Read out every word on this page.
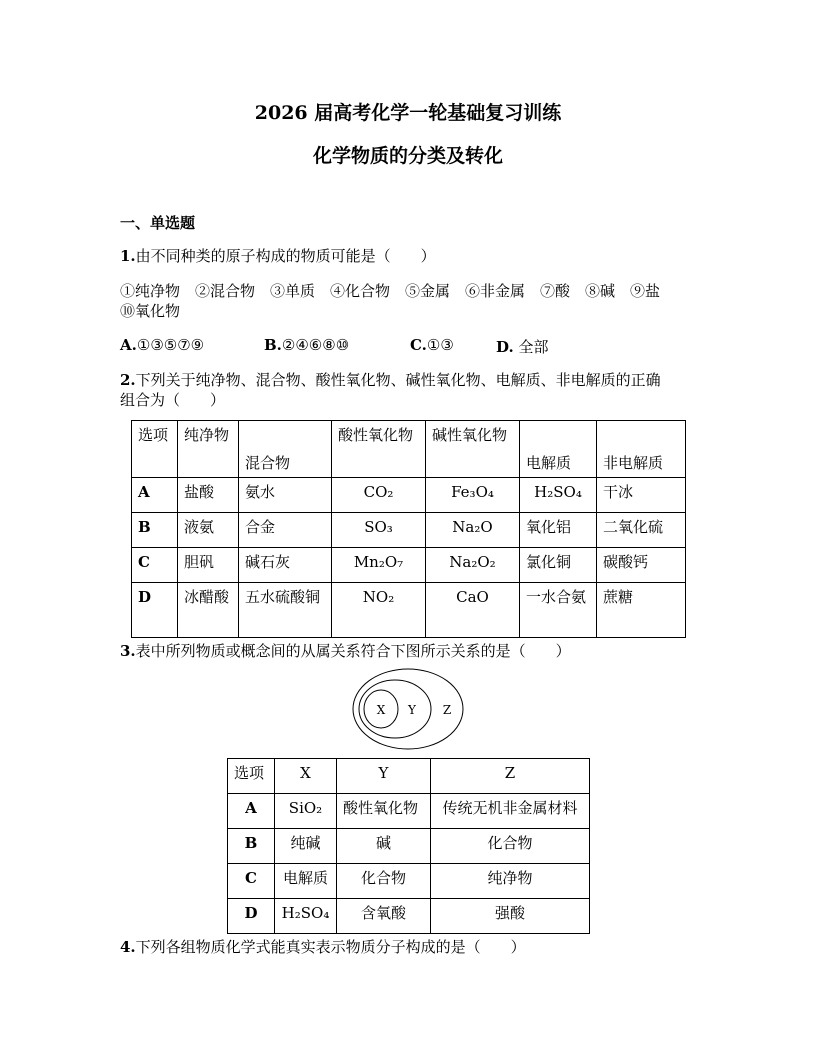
2026 届高考化学一轮基础复习训练
化学物质的分类及转化
一、单选题
1.由不同种类的原子构成的物质可能是（　　）
①纯净物　②混合物　③单质　④化合物　⑤金属　⑥非金属　⑦酸　⑧碱　⑨盐
⑩氧化物
A.①③⑤⑦⑨	B.②④⑥⑧⑩	C.①③	D. 全部
2.下列关于纯净物、混合物、酸性氧化物、碱性氧化物、电解质、非电解质的正确
组合为（　　）
选项	纯净物	混合物	酸性氧化物	碱性氧化物	电解质	非电解质
A	盐酸	氨水	CO₂	Fe₃O₄	H₂SO₄	干冰
B	液氨	合金	SO₃	Na₂O	氧化铝	二氧化硫
C	胆矾	碱石灰	Mn₂O₇	Na₂O₂	氯化铜	碳酸钙
D	冰醋酸	五水硫酸铜	NO₂	CaO	一水合氨	蔗糖
3.表中所列物质或概念间的从属关系符合下图所示关系的是（　　）
X Y Z
选项	X	Y	Z
A	SiO₂	酸性氧化物	传统无机非金属材料
B	纯碱	碱	化合物
C	电解质	化合物	纯净物
D	H₂SO₄	含氧酸	强酸
4.下列各组物质化学式能真实表示物质分子构成的是（　　）
